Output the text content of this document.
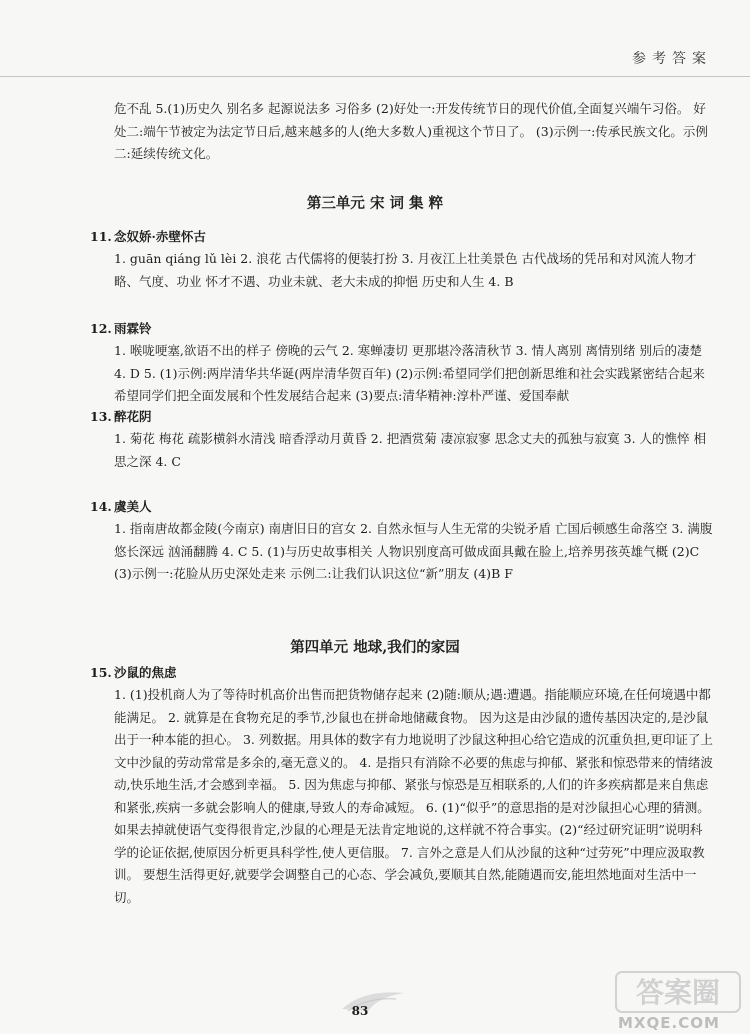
参考答案

危不乱 5.(1)历史久 别名多 起源说法多 习俗多 (2)好处一:开发传统节日的现代价值,全面复兴端午习俗。 好处二:端午节被定为法定节日后,越来越多的人(绝大多数人)重视这个节日了。 (3)示例一:传承民族文化。示例二:延续传统文化。

第三单元 宋 词 集 粹

11. 念奴娇·赤壁怀古

1. guān qiáng lǔ lèi 2. 浪花 古代儒将的便装打扮 3. 月夜江上壮美景色 古代战场的凭吊和对风流人物才略、气度、功业 怀才不遇、功业未就、老大未成的抑悒 历史和人生 4. B

12. 雨霖铃

1. 喉咙哽塞,欲语不出的样子 傍晚的云气 2. 寒蝉凄切 更那堪冷落清秋节 3. 情人离别 离情别绪 别后的凄楚 4. D 5. (1)示例:两岸清华共华诞(两岸清华贺百年) (2)示例:希望同学们把创新思维和社会实践紧密结合起来 希望同学们把全面发展和个性发展结合起来 (3)要点:清华精神:淳朴严谨、爱国奉献

13. 醉花阴

1. 菊花 梅花 疏影横斜水清浅 暗香浮动月黄昏 2. 把酒赏菊 凄凉寂寥 思念丈夫的孤独与寂寞 3. 人的憔悴 相思之深 4. C

14. 虞美人

1. 指南唐故都金陵(今南京) 南唐旧日的宫女 2. 自然永恒与人生无常的尖锐矛盾 亡国后顿感生命落空 3. 满腹 悠长深远 汹涌翻腾 4. C 5. (1)与历史故事相关 人物识别度高可做成面具戴在脸上,培养男孩英雄气概 (2)C (3)示例一:花脸从历史深处走来 示例二:让我们认识这位“新”朋友 (4)B F

第四单元 地球,我们的家园

15. 沙鼠的焦虑

1. (1)投机商人为了等待时机高价出售而把货物储存起来 (2)随:顺从;遇:遭遇。指能顺应环境,在任何境遇中都能满足。 2. 就算是在食物充足的季节,沙鼠也在拼命地储藏食物。 因为这是由沙鼠的遗传基因决定的,是沙鼠出于一种本能的担心。 3. 列数据。用具体的数字有力地说明了沙鼠这种担心给它造成的沉重负担,更印证了上文中沙鼠的劳动常常是多余的,毫无意义的。 4. 是指只有消除不必要的焦虑与抑郁、紧张和惊恐带来的情绪波动,快乐地生活,才会感到幸福。 5. 因为焦虑与抑郁、紧张与惊恐是互相联系的,人们的许多疾病都是来自焦虑和紧张,疾病一多就会影响人的健康,导致人的寿命减短。 6. (1)“似乎”的意思指的是对沙鼠担心心理的猜测。如果去掉就使语气变得很肯定,沙鼠的心理是无法肯定地说的,这样就不符合事实。(2)“经过研究证明”说明科学的论证依据,使原因分析更具科学性,使人更信服。 7. 言外之意是人们从沙鼠的这种“过劳死”中理应汲取教训。 要想生活得更好,就要学会调整自己的心态、学会减负,要顺其自然,能随遇而安,能坦然地面对生活中一切。

83
答案圈
MXQE.COM
